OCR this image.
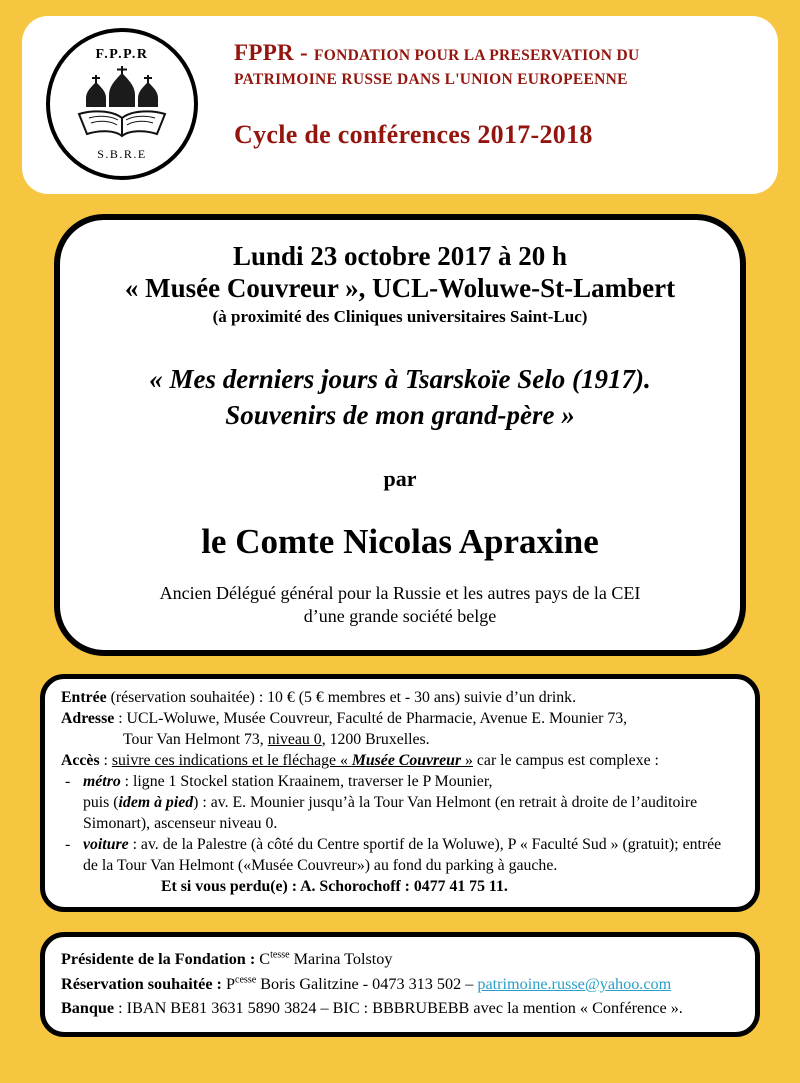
F.P.P.R
S.B.R.E
FPPR - FONDATION POUR LA PRESERVATION DU
PATRIMOINE RUSSE DANS L'UNION EUROPEENNE
Cycle de conférences 2017-2018
Lundi 23 octobre 2017 à 20 h
« Musée Couvreur », UCL-Woluwe-St-Lambert
(à proximité des Cliniques universitaires Saint-Luc)
« Mes derniers jours à Tsarskoïe Selo (1917).
Souvenirs de mon grand-père »
par
le Comte Nicolas Apraxine
Ancien Délégué général pour la Russie et les autres pays de la CEI
d’une grande société belge
Entrée (réservation souhaitée) : 10 € (5 € membres et - 30 ans) suivie d’un drink.
Adresse : UCL-Woluwe, Musée Couvreur, Faculté de Pharmacie, Avenue E. Mounier 73,
Tour Van Helmont 73, niveau 0, 1200 Bruxelles.
Accès : suivre ces indications et le fléchage « Musée Couvreur » car le campus est complexe :
- métro : ligne 1 Stockel station Kraainem, traverser le P Mounier,
puis (idem à pied) : av. E. Mounier jusqu’à la Tour Van Helmont (en retrait à droite de l’auditoire Simonart), ascenseur niveau 0.
- voiture : av. de la Palestre (à côté du Centre sportif de la Woluwe), P « Faculté Sud » (gratuit); entrée de la Tour Van Helmont («Musée Couvreur») au fond du parking à gauche.
Et si vous perdu(e) : A. Schorochoff : 0477 41 75 11.
Présidente de la Fondation : $C^{tesse}$ Marina Tolstoy
Réservation souhaitée : $P^{cesse}$ Boris Galitzine - 0473 313 502 – patrimoine.russe@yahoo.com
Banque : IBAN BE81 3631 5890 3824 – BIC : BBBRUBEBB avec la mention « Conférence ».
